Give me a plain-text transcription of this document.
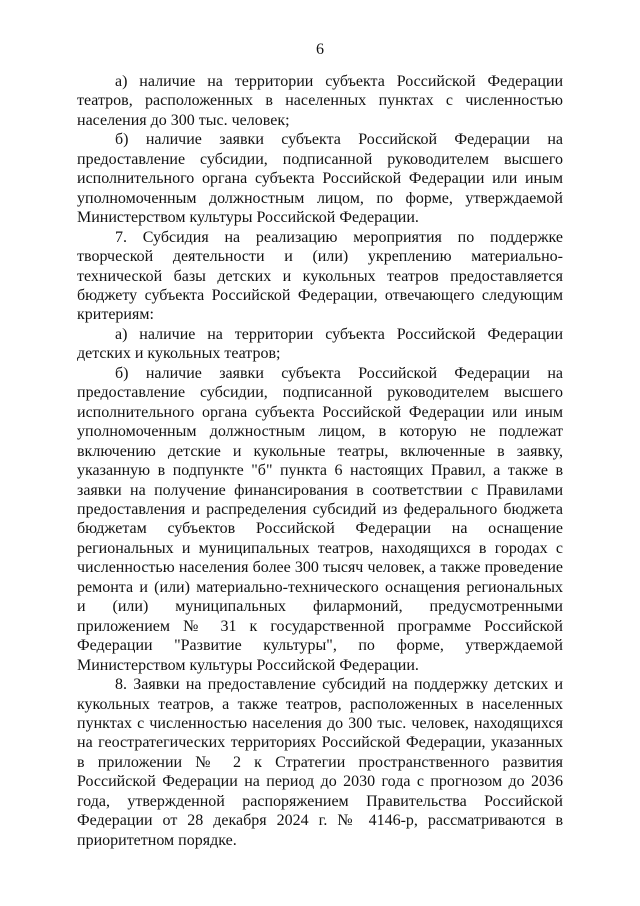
6

а) наличие на территории субъекта Российской Федерации театров, расположенных в населенных пунктах с численностью населения до 300 тыс. человек;

б) наличие заявки субъекта Российской Федерации на предоставление субсидии, подписанной руководителем высшего исполнительного органа субъекта Российской Федерации или иным уполномоченным должностным лицом, по форме, утверждаемой Министерством культуры Российской Федерации.

7. Субсидия на реализацию мероприятия по поддержке творческой деятельности и (или) укреплению материально-технической базы детских и кукольных театров предоставляется бюджету субъекта Российской Федерации, отвечающего следующим критериям:

а) наличие на территории субъекта Российской Федерации детских и кукольных театров;

б) наличие заявки субъекта Российской Федерации на предоставление субсидии, подписанной руководителем высшего исполнительного органа субъекта Российской Федерации или иным уполномоченным должностным лицом, в которую не подлежат включению детские и кукольные театры, включенные в заявку, указанную в подпункте "б" пункта 6 настоящих Правил, а также в заявки на получение финансирования в соответствии с Правилами предоставления и распределения субсидий из федерального бюджета бюджетам субъектов Российской Федерации на оснащение региональных и муниципальных театров, находящихся в городах с численностью населения более 300 тысяч человек, а также проведение ремонта и (или) материально-технического оснащения региональных и (или) муниципальных филармоний, предусмотренными приложением № 31 к государственной программе Российской Федерации "Развитие культуры", по форме, утверждаемой Министерством культуры Российской Федерации.

8. Заявки на предоставление субсидий на поддержку детских и кукольных театров, а также театров, расположенных в населенных пунктах с численностью населения до 300 тыс. человек, находящихся на геостратегических территориях Российской Федерации, указанных в приложении № 2 к Стратегии пространственного развития Российской Федерации на период до 2030 года с прогнозом до 2036 года, утвержденной распоряжением Правительства Российской Федерации от 28 декабря 2024 г. № 4146-р, рассматриваются в приоритетном порядке.
